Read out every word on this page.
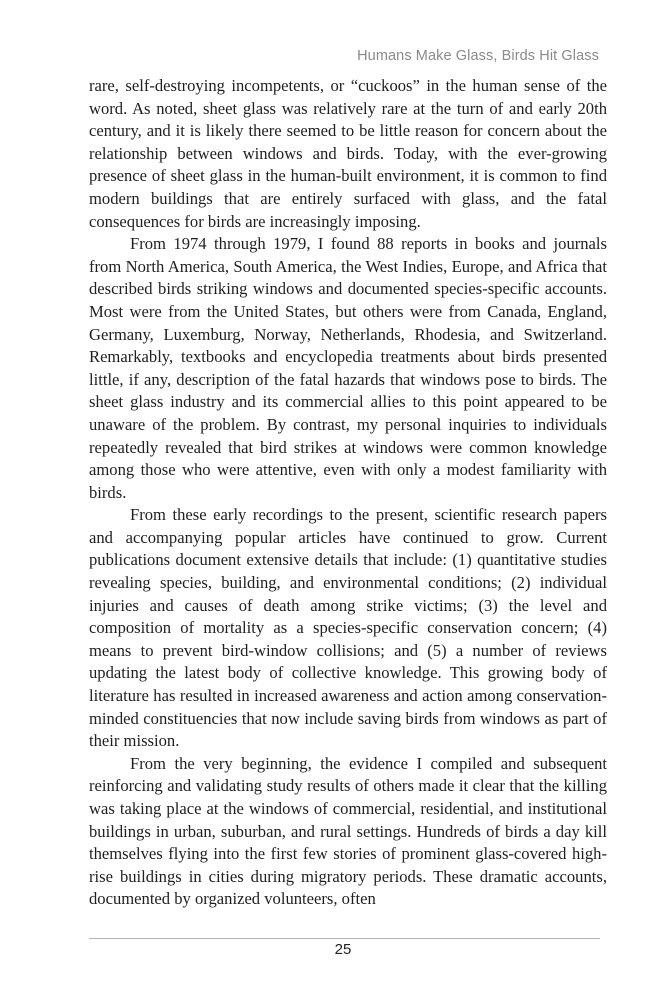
Humans Make Glass, Birds Hit Glass

rare, self-destroying incompetents, or “cuckoos” in the human sense of the word. As noted, sheet glass was relatively rare at the turn of and early 20th century, and it is likely there seemed to be little reason for concern about the relationship between windows and birds. Today, with the ever-growing presence of sheet glass in the human-built environment, it is common to find modern buildings that are entirely surfaced with glass, and the fatal consequences for birds are increasingly imposing.

From 1974 through 1979, I found 88 reports in books and journals from North America, South America, the West Indies, Europe, and Africa that described birds striking windows and documented species-specific accounts. Most were from the United States, but others were from Canada, England, Germany, Luxemburg, Norway, Netherlands, Rhodesia, and Switzerland. Remarkably, textbooks and encyclopedia treatments about birds presented little, if any, description of the fatal hazards that windows pose to birds. The sheet glass industry and its commercial allies to this point appeared to be unaware of the problem. By contrast, my personal inquiries to individuals repeatedly revealed that bird strikes at windows were common knowledge among those who were attentive, even with only a modest familiarity with birds.

From these early recordings to the present, scientific research papers and accompanying popular articles have continued to grow. Current publications document extensive details that include: (1) quantitative studies revealing species, building, and environmental conditions; (2) individual injuries and causes of death among strike victims; (3) the level and composition of mortality as a species-specific conservation concern; (4) means to prevent bird-window collisions; and (5) a number of reviews updating the latest body of collective knowledge. This growing body of literature has resulted in increased awareness and action among conservation-minded constituencies that now include saving birds from windows as part of their mission.

From the very beginning, the evidence I compiled and subsequent reinforcing and validating study results of others made it clear that the killing was taking place at the windows of commercial, residential, and institutional buildings in urban, suburban, and rural settings. Hundreds of birds a day kill themselves flying into the first few stories of prominent glass-covered high-rise buildings in cities during migratory periods. These dramatic accounts, documented by organized volunteers, often

25
